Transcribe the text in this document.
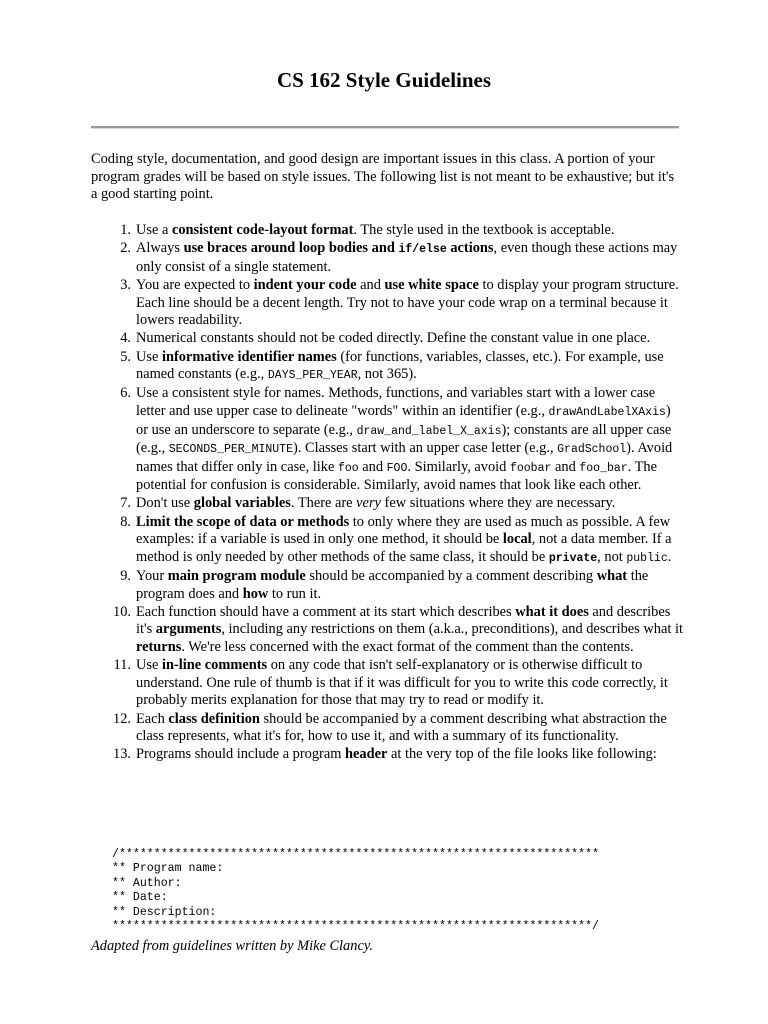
CS 162 Style Guidelines

Coding style, documentation, and good design are important issues in this class. A portion of your program grades will be based on style issues. The following list is not meant to be exhaustive; but it's a good starting point.

1. Use a consistent code-layout format. The style used in the textbook is acceptable.
2. Always use braces around loop bodies and if/else actions, even though these actions may only consist of a single statement.
3. You are expected to indent your code and use white space to display your program structure. Each line should be a decent length. Try not to have your code wrap on a terminal because it lowers readability.
4. Numerical constants should not be coded directly. Define the constant value in one place.
5. Use informative identifier names (for functions, variables, classes, etc.). For example, use named constants (e.g., DAYS_PER_YEAR, not 365).
6. Use a consistent style for names. Methods, functions, and variables start with a lower case letter and use upper case to delineate "words" within an identifier (e.g., drawAndLabelXAxis) or use an underscore to separate (e.g., draw_and_label_X_axis); constants are all upper case (e.g., SECONDS_PER_MINUTE). Classes start with an upper case letter (e.g., GradSchool). Avoid names that differ only in case, like foo and FOO. Similarly, avoid foobar and foo_bar. The potential for confusion is considerable. Similarly, avoid names that look like each other.
7. Don't use global variables. There are very few situations where they are necessary.
8. Limit the scope of data or methods to only where they are used as much as possible. A few examples: if a variable is used in only one method, it should be local, not a data member. If a method is only needed by other methods of the same class, it should be private, not public.
9. Your main program module should be accompanied by a comment describing what the program does and how to run it.
10. Each function should have a comment at its start which describes what it does and describes it's arguments, including any restrictions on them (a.k.a., preconditions), and describes what it returns. We're less concerned with the exact format of the comment than the contents.
11. Use in-line comments on any code that isn't self-explanatory or is otherwise difficult to understand. One rule of thumb is that if it was difficult for you to write this code correctly, it probably merits explanation for those that may try to read or modify it.
12. Each class definition should be accompanied by a comment describing what abstraction the class represents, what it's for, how to use it, and with a summary of its functionality.
13. Programs should include a program header at the very top of the file looks like following:
/*********************************************************************
** Program name:
** Author:
** Date:
** Description:
*********************************************************************/

Adapted from guidelines written by Mike Clancy.
